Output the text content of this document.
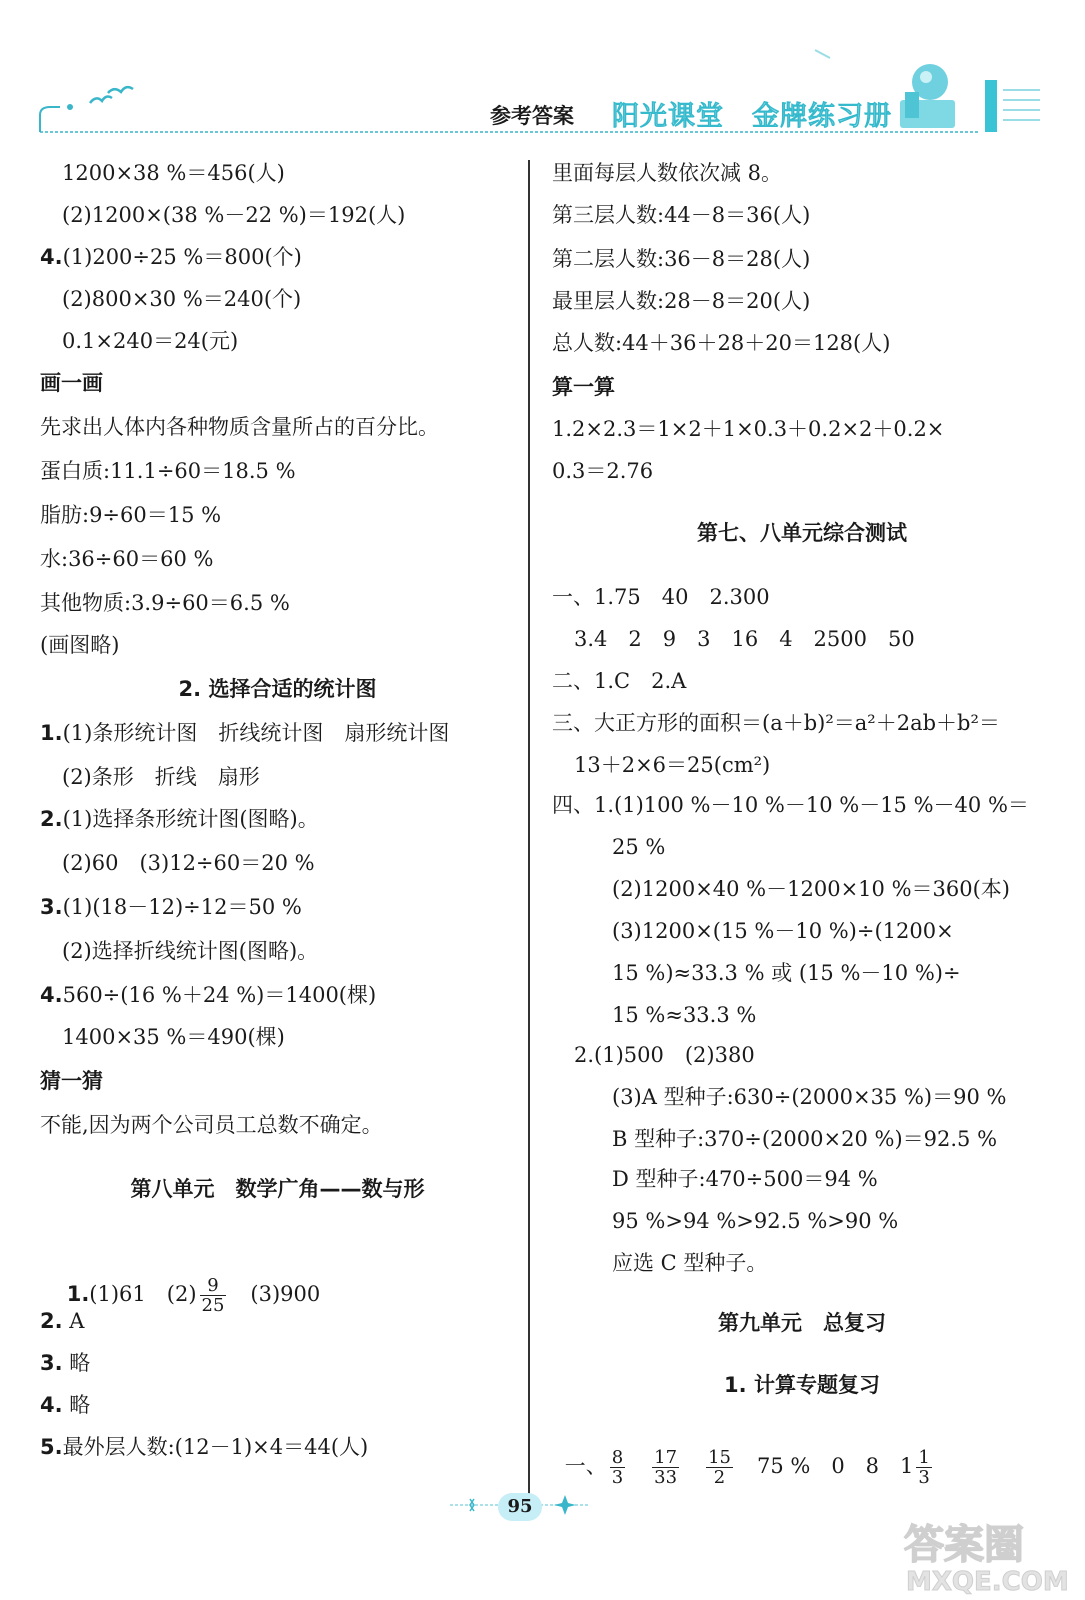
参考答案 阳光课堂 金牌练习册

1.(1)61　$(2) \frac{9}{25}$ 　(3)900

1200×38 %＝456(人)
(2)1200×(38 %－22 %)＝192(人)
4.(1)200÷25 %＝800(个)
(2)800×30 %＝240(个)
0.1×240＝24(元)
画一画
先求出人体内各种物质含量所占的百分比。
蛋白质:11.1÷60＝18.5 %
脂肪:9÷60＝15 %
水:36÷60＝60 %
其他物质:3.9÷60＝6.5 %
(画图略)
2. 选择合适的统计图
1.(1)条形统计图　折线统计图　扇形统计图
(2)条形　折线　扇形
2.(1)选择条形统计图(图略)。
(2)60　(3)12÷60＝20 %
3.(1)(18－12)÷12＝50 %
(2)选择折线统计图(图略)。
4.560÷(16 %＋24 %)＝1400(棵)
1400×35 %＝490(棵)
猜一猜
不能,因为两个公司员工总数不确定。
第八单元　数学广角——数与形
5.最外层人数:(12－1)×4＝44(人)
2. A
3. 略
4. 略

一、 $\frac{8}{3}$
　 $\frac{17}{33}$
　 $\frac{15}{2}$
　 75 %　0　8　$1 \frac{1}{3}$

里面每层人数依次减 8。
第三层人数:44－8＝36(人)
第二层人数:36－8＝28(人)
最里层人数:28－8＝20(人)
总人数:44＋36＋28＋20＝128(人)
算一算
1.2×2.3＝1×2＋1×0.3＋0.2×2＋0.2×
0.3＝2.76
第七、八单元综合测试
一、1.75　40　2.300
3.4　2　9　3　16　4　2500　50
二、1.C　2.A
三、大正方形的面积＝(a＋b)²＝a²＋2ab＋b²＝
13＋2×6＝25(cm²)
四、1.(1)100 %－10 %－10 %－15 %－40 %＝
25 %
(2)1200×40 %－1200×10 %＝360(本)
(3)1200×(15 %－10 %)÷(1200×
15 %)≈33.3 % 或 (15 %－10 %)÷
15 %≈33.3 %
2.(1)500　(2)380
(3)A 型种子:630÷(2000×35 %)＝90 %
B 型种子:370÷(2000×20 %)＝92.5 %
D 型种子:470÷500＝94 %
95 %>94 %>92.5 %>90 %
应选 C 型种子。
第九单元　总复习
1. 计算专题复习
95
答案圈
MXQE.COM
